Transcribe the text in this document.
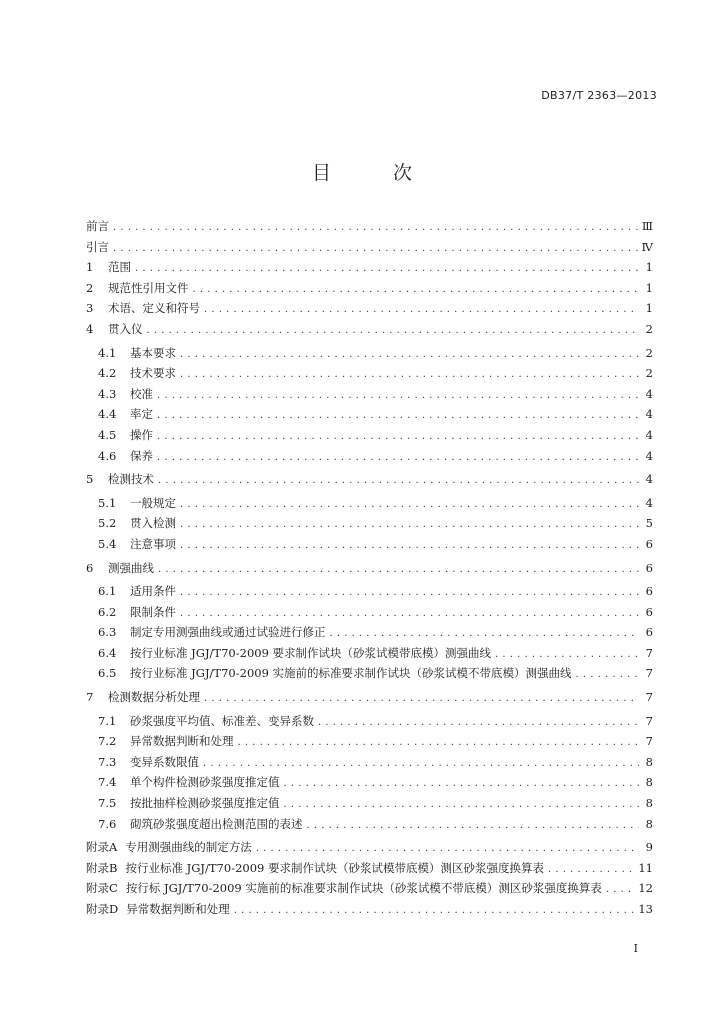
DB37/T 2363—2013
目 次
前言 . . .	Ⅲ
引言 . . .	Ⅳ
1	范围 . . .	1
2	规范性引用文件 . . .	1
3	术语、定义和符号 . . .	1
4	贯入仪 . . .	2
4.1	基本要求 . . .	2
4.2	技术要求 . . .	2
4.3	校准 . . .	4
4.4	率定 . . .	4
4.5	操作 . . .	4
4.6	保养 . . .	4
5	检测技术 . . .	4
5.1	一般规定 . . .	4
5.2	贯入检测 . . .	5
5.4	注意事项 . . .	6
6	测强曲线 . . .	6
6.1	适用条件 . . .	6
6.2	限制条件 . . .	6
6.3	制定专用测强曲线或通过试验进行修正 . . .	6
6.4	按行业标准 JGJ/T70-2009 要求制作试块（砂浆试模带底模）测强曲线 . . .	7
6.5	按行业标准 JGJ/T70-2009 实施前的标准要求制作试块（砂浆试模不带底模）测强曲线 . . .	7
7	检测数据分析处理 . . .	7
7.1	砂浆强度平均值、标准差、变异系数 . . .	7
7.2	异常数据判断和处理 . . .	7
7.3	变异系数限值 . . .	8
7.4	单个构件检测砂浆强度推定值 . . .	8
7.5	按批抽样检测砂浆强度推定值 . . .	8
7.6	砌筑砂浆强度超出检测范围的表述 . . .	8
附录A 专用测强曲线的制定方法 . . .	9
附录B 按行业标准 JGJ/T70-2009 要求制作试块（砂浆试模带底模）测区砂浆强度换算表 . . .	11
附录C 按行标 JGJ/T70-2009 实施前的标准要求制作试块（砂浆试模不带底模）测区砂浆强度换算表 . . .	12
附录D 异常数据判断和处理 . . .	13
I
